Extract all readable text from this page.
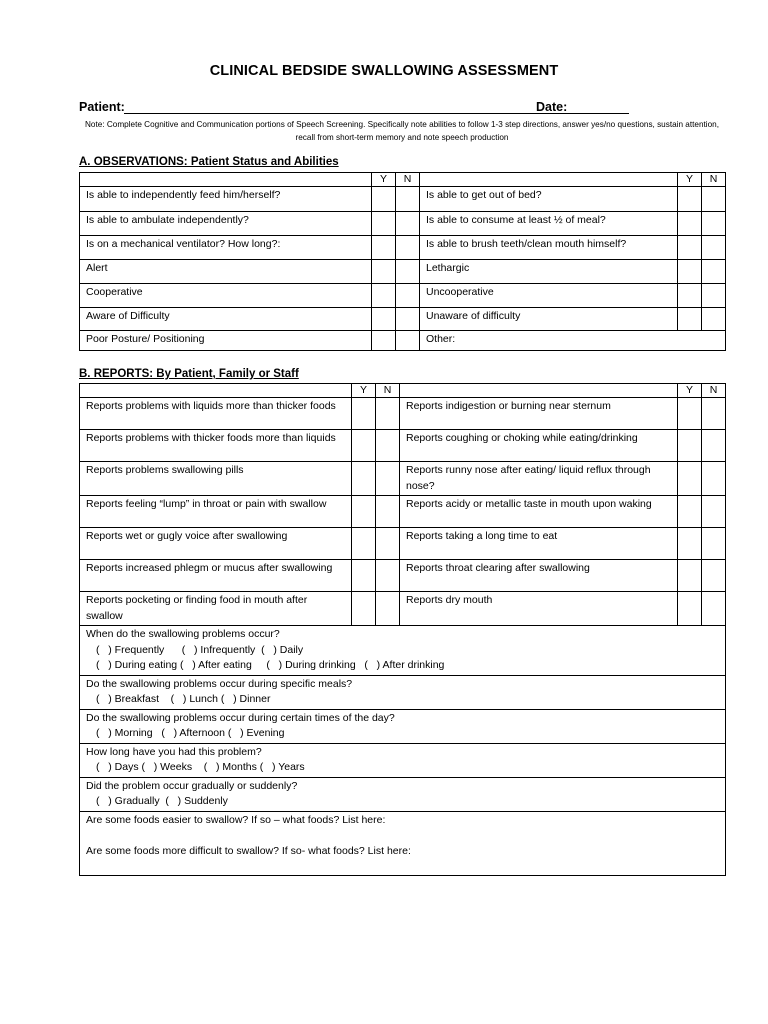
CLINICAL BEDSIDE SWALLOWING ASSESSMENT
Patient:	Date:
Note: Complete Cognitive and Communication portions of Speech Screening. Specifically note abilities to follow 1-3 step directions, answer yes/no questions, sustain attention, recall from short-term memory and note speech production
A. OBSERVATIONS: Patient Status and Abilities
	Y	N		Y	N
Is able to independently feed him/herself?			Is able to get out of bed?		
Is able to ambulate independently?			Is able to consume at least ½ of meal?		
Is on a mechanical ventilator? How long?:			Is able to brush teeth/clean mouth himself?		
Alert			Lethargic		
Cooperative			Uncooperative		
Aware of Difficulty			Unaware of difficulty		
Poor Posture/ Positioning			Other:		
B. REPORTS: By Patient, Family or Staff
	Y	N		Y	N
Reports problems with liquids more than thicker foods			Reports indigestion or burning near sternum		
Reports problems with thicker foods more than liquids			Reports coughing or choking while eating/drinking		
Reports problems swallowing pills			Reports runny nose after eating/ liquid reflux through nose?		
Reports feeling “lump” in throat or pain with swallow			Reports acidy or metallic taste in mouth upon waking		
Reports wet or gugly voice after swallowing			Reports taking a long time to eat		
Reports increased phlegm or mucus after swallowing			Reports throat clearing after swallowing		
Reports pocketing or finding food in mouth after swallow			Reports dry mouth		

When do the swallowing problems occur?
(   ) Frequently      (   ) Infrequently  (   ) Daily
(   ) During eating (   ) After eating     (   ) During drinking   (   ) After drinking					

Do the swallowing problems occur during specific meals?
(   ) Breakfast    (   ) Lunch (   ) Dinner					

Do the swallowing problems occur during certain times of the day?
(   ) Morning   (   ) Afternoon (   ) Evening					

How long have you had this problem?
(   ) Days (   ) Weeks    (   ) Months (   ) Years					

Did the problem occur gradually or suddenly?
(   ) Gradually  (   ) Suddenly					

Are some foods easier to swallow? If so – what foods? List here:
Are some foods more difficult to swallow? If so- what foods? List here:					
